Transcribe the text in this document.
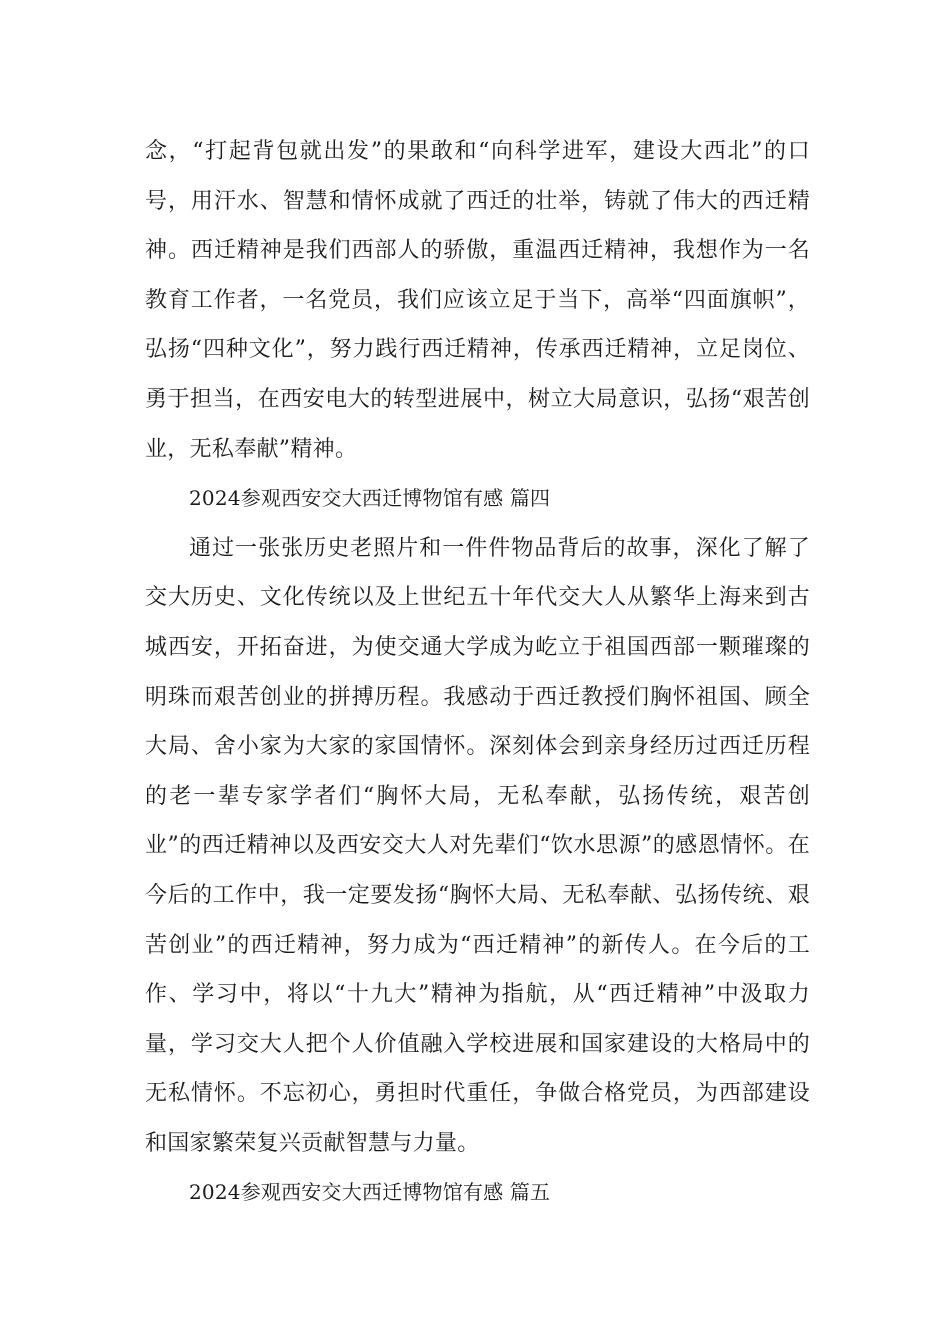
念，“打起背包就出发”的果敢和“向科学进军，建设大西北”的口号，用汗水、智慧和情怀成就了西迁的壮举，铸就了伟大的西迁精神。西迁精神是我们西部人的骄傲，重温西迁精神，我想作为一名教育工作者，一名党员，我们应该立足于当下，高举“四面旗帜”，弘扬“四种文化”，努力践行西迁精神，传承西迁精神，立足岗位、勇于担当，在西安电大的转型进展中，树立大局意识，弘扬“艰苦创业，无私奉献”精神。

2024参观西安交大西迁博物馆有感 篇四

通过一张张历史老照片和一件件物品背后的故事，深化了解了交大历史、文化传统以及上世纪五十年代交大人从繁华上海来到古城西安，开拓奋进，为使交通大学成为屹立于祖国西部一颗璀璨的明珠而艰苦创业的拼搏历程。我感动于西迁教授们胸怀祖国、顾全大局、舍小家为大家的家国情怀。深刻体会到亲身经历过西迁历程的老一辈专家学者们“胸怀大局，无私奉献，弘扬传统，艰苦创业”的西迁精神以及西安交大人对先辈们“饮水思源”的感恩情怀。在今后的工作中，我一定要发扬“胸怀大局、无私奉献、弘扬传统、艰苦创业”的西迁精神，努力成为“西迁精神”的新传人。在今后的工作、学习中，将以“十九大”精神为指航，从“西迁精神”中汲取力量，学习交大人把个人价值融入学校进展和国家建设的大格局中的无私情怀。不忘初心，勇担时代重任，争做合格党员，为西部建设和国家繁荣复兴贡献智慧与力量。

2024参观西安交大西迁博物馆有感 篇五
